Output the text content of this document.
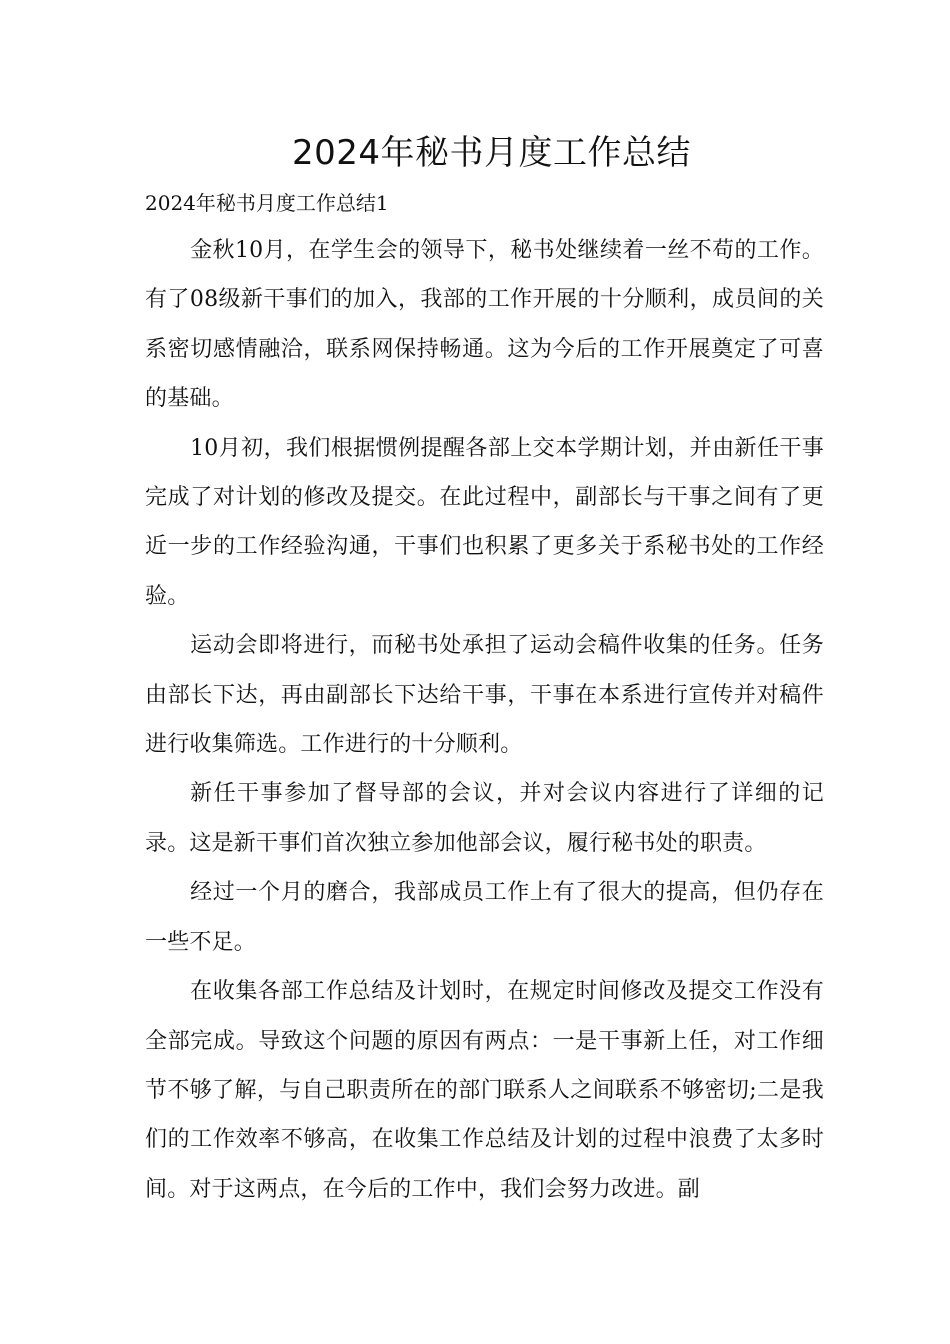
2024年秘书月度工作总结
2024年秘书月度工作总结1

金秋10月，在学生会的领导下，秘书处继续着一丝不苟的工作。有了08级新干事们的加入，我部的工作开展的十分顺利，成员间的关系密切感情融洽，联系网保持畅通。这为今后的工作开展奠定了可喜的基础。

10月初，我们根据惯例提醒各部上交本学期计划，并由新任干事完成了对计划的修改及提交。在此过程中，副部长与干事之间有了更近一步的工作经验沟通，干事们也积累了更多关于系秘书处的工作经验。

运动会即将进行，而秘书处承担了运动会稿件收集的任务。任务由部长下达，再由副部长下达给干事，干事在本系进行宣传并对稿件进行收集筛选。工作进行的十分顺利。

新任干事参加了督导部的会议，并对会议内容进行了详细的记录。这是新干事们首次独立参加他部会议，履行秘书处的职责。

经过一个月的磨合，我部成员工作上有了很大的提高，但仍存在一些不足。

在收集各部工作总结及计划时，在规定时间修改及提交工作没有全部完成。导致这个问题的原因有两点：一是干事新上任，对工作细节不够了解，与自己职责所在的部门联系人之间联系不够密切;二是我们的工作效率不够高，在收集工作总结及计划的过程中浪费了太多时间。对于这两点，在今后的工作中，我们会努力改进。副
